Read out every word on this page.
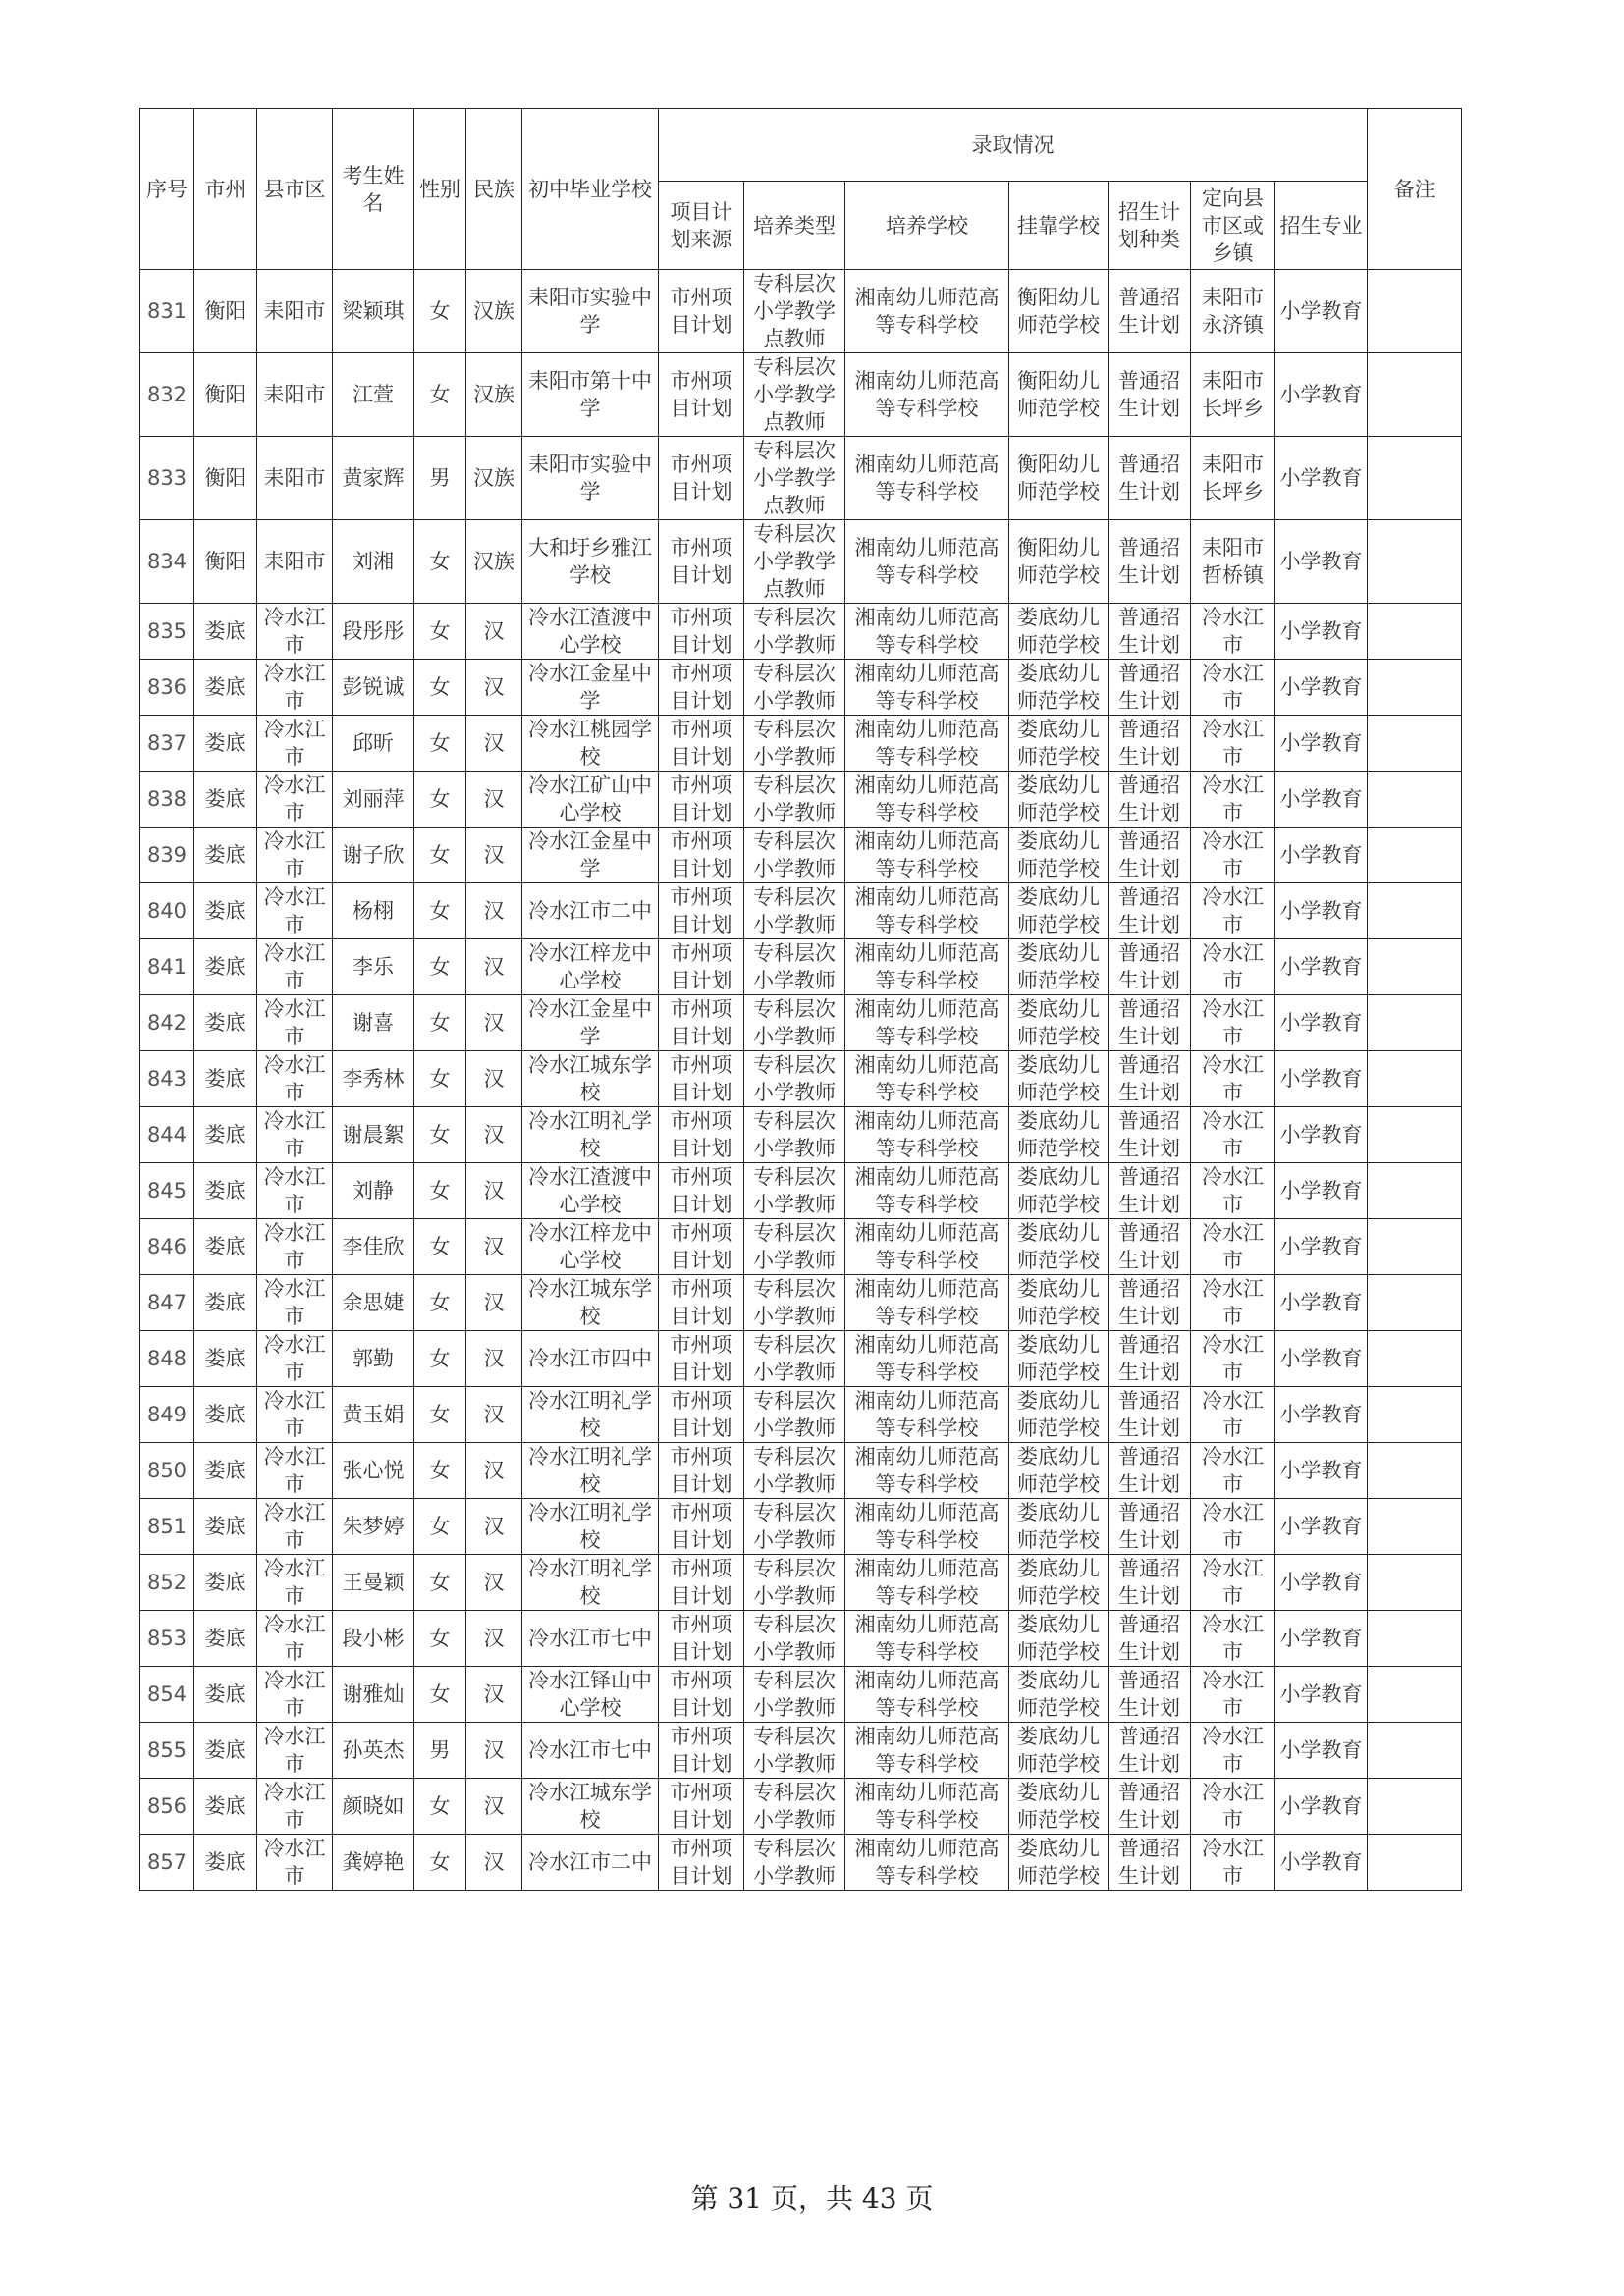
序号	市州	县市区	考生姓名	性别	民族	初中毕业学校	录取情况							备注
							项目计划来源	培养类型	培养学校	挂靠学校	招生计划种类	定向县市区或乡镇	招生专业	
831	衡阳	耒阳市	梁颖琪	女	汉族	耒阳市实验中学	市州项目计划	专科层次小学教学点教师	湘南幼儿师范高等专科学校	衡阳幼儿师范学校	普通招生计划	耒阳市永济镇	小学教育	
832	衡阳	耒阳市	江萱	女	汉族	耒阳市第十中学	市州项目计划	专科层次小学教学点教师	湘南幼儿师范高等专科学校	衡阳幼儿师范学校	普通招生计划	耒阳市长坪乡	小学教育	
833	衡阳	耒阳市	黄家辉	男	汉族	耒阳市实验中学	市州项目计划	专科层次小学教学点教师	湘南幼儿师范高等专科学校	衡阳幼儿师范学校	普通招生计划	耒阳市长坪乡	小学教育	
834	衡阳	耒阳市	刘湘	女	汉族	大和圩乡雅江学校	市州项目计划	专科层次小学教学点教师	湘南幼儿师范高等专科学校	衡阳幼儿师范学校	普通招生计划	耒阳市哲桥镇	小学教育	
835	娄底	冷水江市	段彤彤	女	汉	冷水江渣渡中心学校	市州项目计划	专科层次小学教师	湘南幼儿师范高等专科学校	娄底幼儿师范学校	普通招生计划	冷水江市	小学教育	
836	娄底	冷水江市	彭锐诚	女	汉	冷水江金星中学	市州项目计划	专科层次小学教师	湘南幼儿师范高等专科学校	娄底幼儿师范学校	普通招生计划	冷水江市	小学教育	
837	娄底	冷水江市	邱昕	女	汉	冷水江桃园学校	市州项目计划	专科层次小学教师	湘南幼儿师范高等专科学校	娄底幼儿师范学校	普通招生计划	冷水江市	小学教育	
838	娄底	冷水江市	刘丽萍	女	汉	冷水江矿山中心学校	市州项目计划	专科层次小学教师	湘南幼儿师范高等专科学校	娄底幼儿师范学校	普通招生计划	冷水江市	小学教育	
839	娄底	冷水江市	谢子欣	女	汉	冷水江金星中学	市州项目计划	专科层次小学教师	湘南幼儿师范高等专科学校	娄底幼儿师范学校	普通招生计划	冷水江市	小学教育	
840	娄底	冷水江市	杨栩	女	汉	冷水江市二中	市州项目计划	专科层次小学教师	湘南幼儿师范高等专科学校	娄底幼儿师范学校	普通招生计划	冷水江市	小学教育	
841	娄底	冷水江市	李乐	女	汉	冷水江梓龙中心学校	市州项目计划	专科层次小学教师	湘南幼儿师范高等专科学校	娄底幼儿师范学校	普通招生计划	冷水江市	小学教育	
842	娄底	冷水江市	谢喜	女	汉	冷水江金星中学	市州项目计划	专科层次小学教师	湘南幼儿师范高等专科学校	娄底幼儿师范学校	普通招生计划	冷水江市	小学教育	
843	娄底	冷水江市	李秀林	女	汉	冷水江城东学校	市州项目计划	专科层次小学教师	湘南幼儿师范高等专科学校	娄底幼儿师范学校	普通招生计划	冷水江市	小学教育	
844	娄底	冷水江市	谢晨絮	女	汉	冷水江明礼学校	市州项目计划	专科层次小学教师	湘南幼儿师范高等专科学校	娄底幼儿师范学校	普通招生计划	冷水江市	小学教育	
845	娄底	冷水江市	刘静	女	汉	冷水江渣渡中心学校	市州项目计划	专科层次小学教师	湘南幼儿师范高等专科学校	娄底幼儿师范学校	普通招生计划	冷水江市	小学教育	
846	娄底	冷水江市	李佳欣	女	汉	冷水江梓龙中心学校	市州项目计划	专科层次小学教师	湘南幼儿师范高等专科学校	娄底幼儿师范学校	普通招生计划	冷水江市	小学教育	
847	娄底	冷水江市	余思婕	女	汉	冷水江城东学校	市州项目计划	专科层次小学教师	湘南幼儿师范高等专科学校	娄底幼儿师范学校	普通招生计划	冷水江市	小学教育	
848	娄底	冷水江市	郭勤	女	汉	冷水江市四中	市州项目计划	专科层次小学教师	湘南幼儿师范高等专科学校	娄底幼儿师范学校	普通招生计划	冷水江市	小学教育	
849	娄底	冷水江市	黄玉娟	女	汉	冷水江明礼学校	市州项目计划	专科层次小学教师	湘南幼儿师范高等专科学校	娄底幼儿师范学校	普通招生计划	冷水江市	小学教育	
850	娄底	冷水江市	张心悦	女	汉	冷水江明礼学校	市州项目计划	专科层次小学教师	湘南幼儿师范高等专科学校	娄底幼儿师范学校	普通招生计划	冷水江市	小学教育	
851	娄底	冷水江市	朱梦婷	女	汉	冷水江明礼学校	市州项目计划	专科层次小学教师	湘南幼儿师范高等专科学校	娄底幼儿师范学校	普通招生计划	冷水江市	小学教育	
852	娄底	冷水江市	王曼颖	女	汉	冷水江明礼学校	市州项目计划	专科层次小学教师	湘南幼儿师范高等专科学校	娄底幼儿师范学校	普通招生计划	冷水江市	小学教育	
853	娄底	冷水江市	段小彬	女	汉	冷水江市七中	市州项目计划	专科层次小学教师	湘南幼儿师范高等专科学校	娄底幼儿师范学校	普通招生计划	冷水江市	小学教育	
854	娄底	冷水江市	谢雅灿	女	汉	冷水江铎山中心学校	市州项目计划	专科层次小学教师	湘南幼儿师范高等专科学校	娄底幼儿师范学校	普通招生计划	冷水江市	小学教育	
855	娄底	冷水江市	孙英杰	男	汉	冷水江市七中	市州项目计划	专科层次小学教师	湘南幼儿师范高等专科学校	娄底幼儿师范学校	普通招生计划	冷水江市	小学教育	
856	娄底	冷水江市	颜晓如	女	汉	冷水江城东学校	市州项目计划	专科层次小学教师	湘南幼儿师范高等专科学校	娄底幼儿师范学校	普通招生计划	冷水江市	小学教育	
857	娄底	冷水江市	龚婷艳	女	汉	冷水江市二中	市州项目计划	专科层次小学教师	湘南幼儿师范高等专科学校	娄底幼儿师范学校	普通招生计划	冷水江市	小学教育	
第 31 页，共 43 页
